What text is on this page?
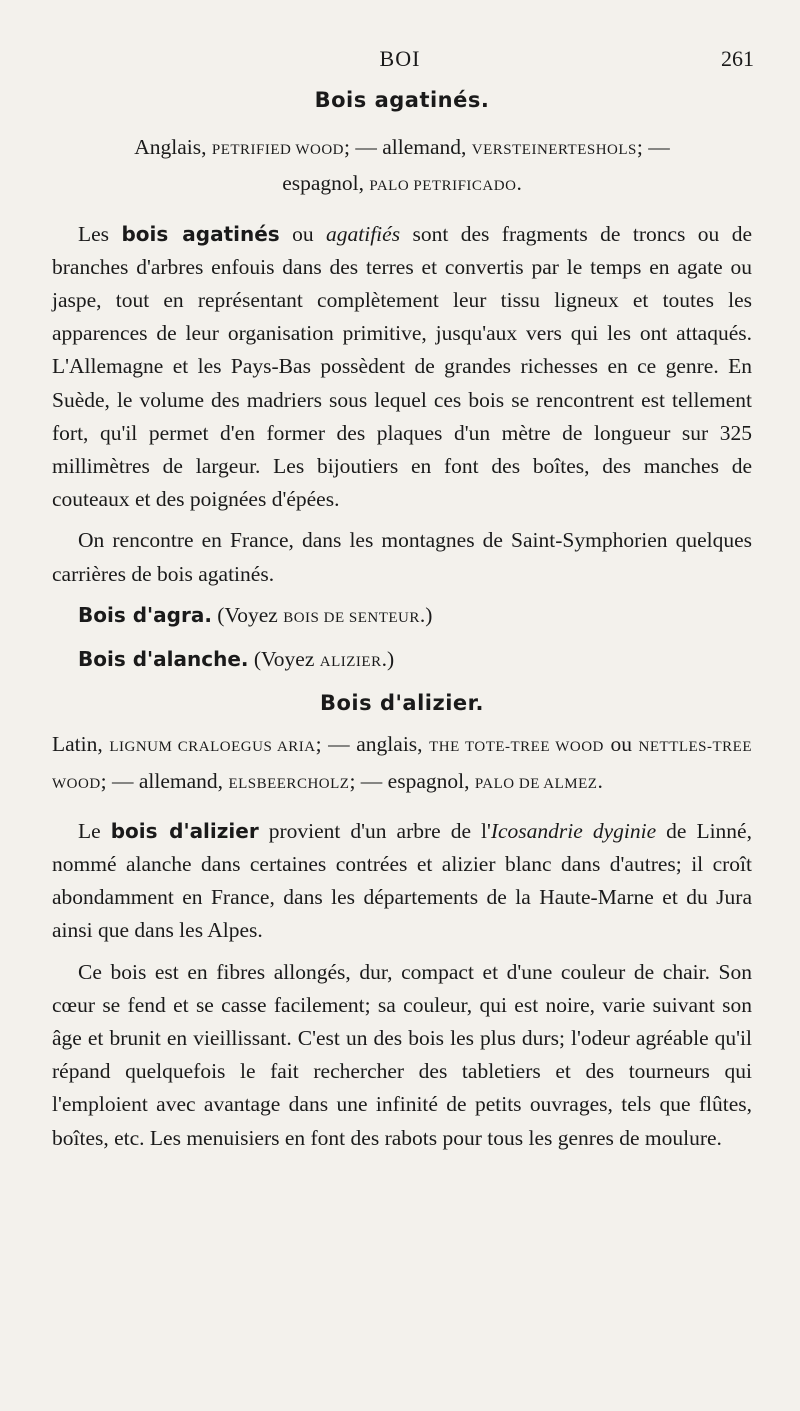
BOI	261

Bois agatinés.

Anglais, PETRIFIED WOOD; — allemand, VERSTEINERTESHOLS; —
espagnol, PALO PETRIFICADO.

Les bois agatinés ou agatifiés sont des fragments de troncs ou de branches d'arbres enfouis dans des terres et convertis par le temps en agate ou jaspe, tout en représentant complètement leur tissu ligneux et toutes les apparences de leur organisation primitive, jusqu'aux vers qui les ont attaqués. L'Allemagne et les Pays-Bas possèdent de grandes richesses en ce genre. En Suède, le volume des madriers sous lequel ces bois se rencontrent est tellement fort, qu'il permet d'en former des plaques d'un mètre de longueur sur 325 millimètres de largeur. Les bijoutiers en font des boîtes, des manches de couteaux et des poignées d'épées.

On rencontre en France, dans les montagnes de Saint-Symphorien quelques carrières de bois agatinés.

Bois d'agra. (Voyez BOIS DE SENTEUR.)

Bois d'alanche. (Voyez ALIZIER.)

Bois d'alizier.

Latin, LIGNUM CRALOEGUS ARIA; — anglais, THE TOTE-TREE WOOD ou NETTLES-TREE WOOD; — allemand, ELSBEERCHOLZ; — espagnol, PALO DE ALMEZ.

Le bois d'alizier provient d'un arbre de l'Icosandrie dyginie de Linné, nommé alanche dans certaines contrées et alizier blanc dans d'autres; il croît abondamment en France, dans les départements de la Haute-Marne et du Jura ainsi que dans les Alpes.

Ce bois est en fibres allongés, dur, compact et d'une couleur de chair. Son cœur se fend et se casse facilement; sa couleur, qui est noire, varie suivant son âge et brunit en vieillissant. C'est un des bois les plus durs; l'odeur agréable qu'il répand quelquefois le fait rechercher des tabletiers et des tourneurs qui l'emploient avec avantage dans une infinité de petits ouvrages, tels que flûtes, boîtes, etc. Les menuisiers en font des rabots pour tous les genres de moulure.
